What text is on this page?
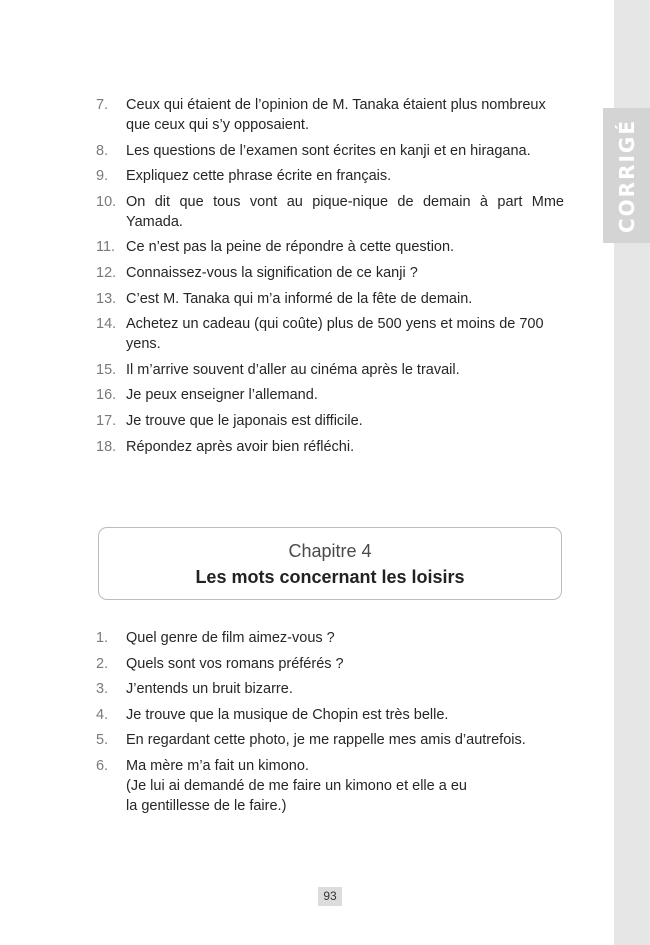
CORRIGÉ
7.	Ceux qui étaient de l’opinion de M. Tanaka étaient plus nombreux que ceux qui s’y opposaient.
8.	Les questions de l’examen sont écrites en kanji et en hiragana.
9.	Expliquez cette phrase écrite en français.
10. On dit que tous vont au pique-nique de demain à part Mme Yamada.
11. Ce n’est pas la peine de répondre à cette question.
12. Connaissez-vous la signification de ce kanji ?
13. C’est M. Tanaka qui m’a informé de la fête de demain.
14. Achetez un cadeau (qui coûte) plus de 500 yens et moins de 700 yens.
15. Il m’arrive souvent d’aller au cinéma après le travail.
16. Je peux enseigner l’allemand.
17. Je trouve que le japonais est difficile.
18. Répondez après avoir bien réfléchi.
Chapitre 4
Les mots concernant les loisirs
1.	Quel genre de film aimez-vous ?
2.	Quels sont vos romans préférés ?
3.	J’entends un bruit bizarre.
4.	Je trouve que la musique de Chopin est très belle.
5.	En regardant cette photo, je me rappelle mes amis d’autrefois.
6.	Ma mère m’a fait un kimono.
(Je lui ai demandé de me faire un kimono et elle a eu
la gentillesse de le faire.)
93
